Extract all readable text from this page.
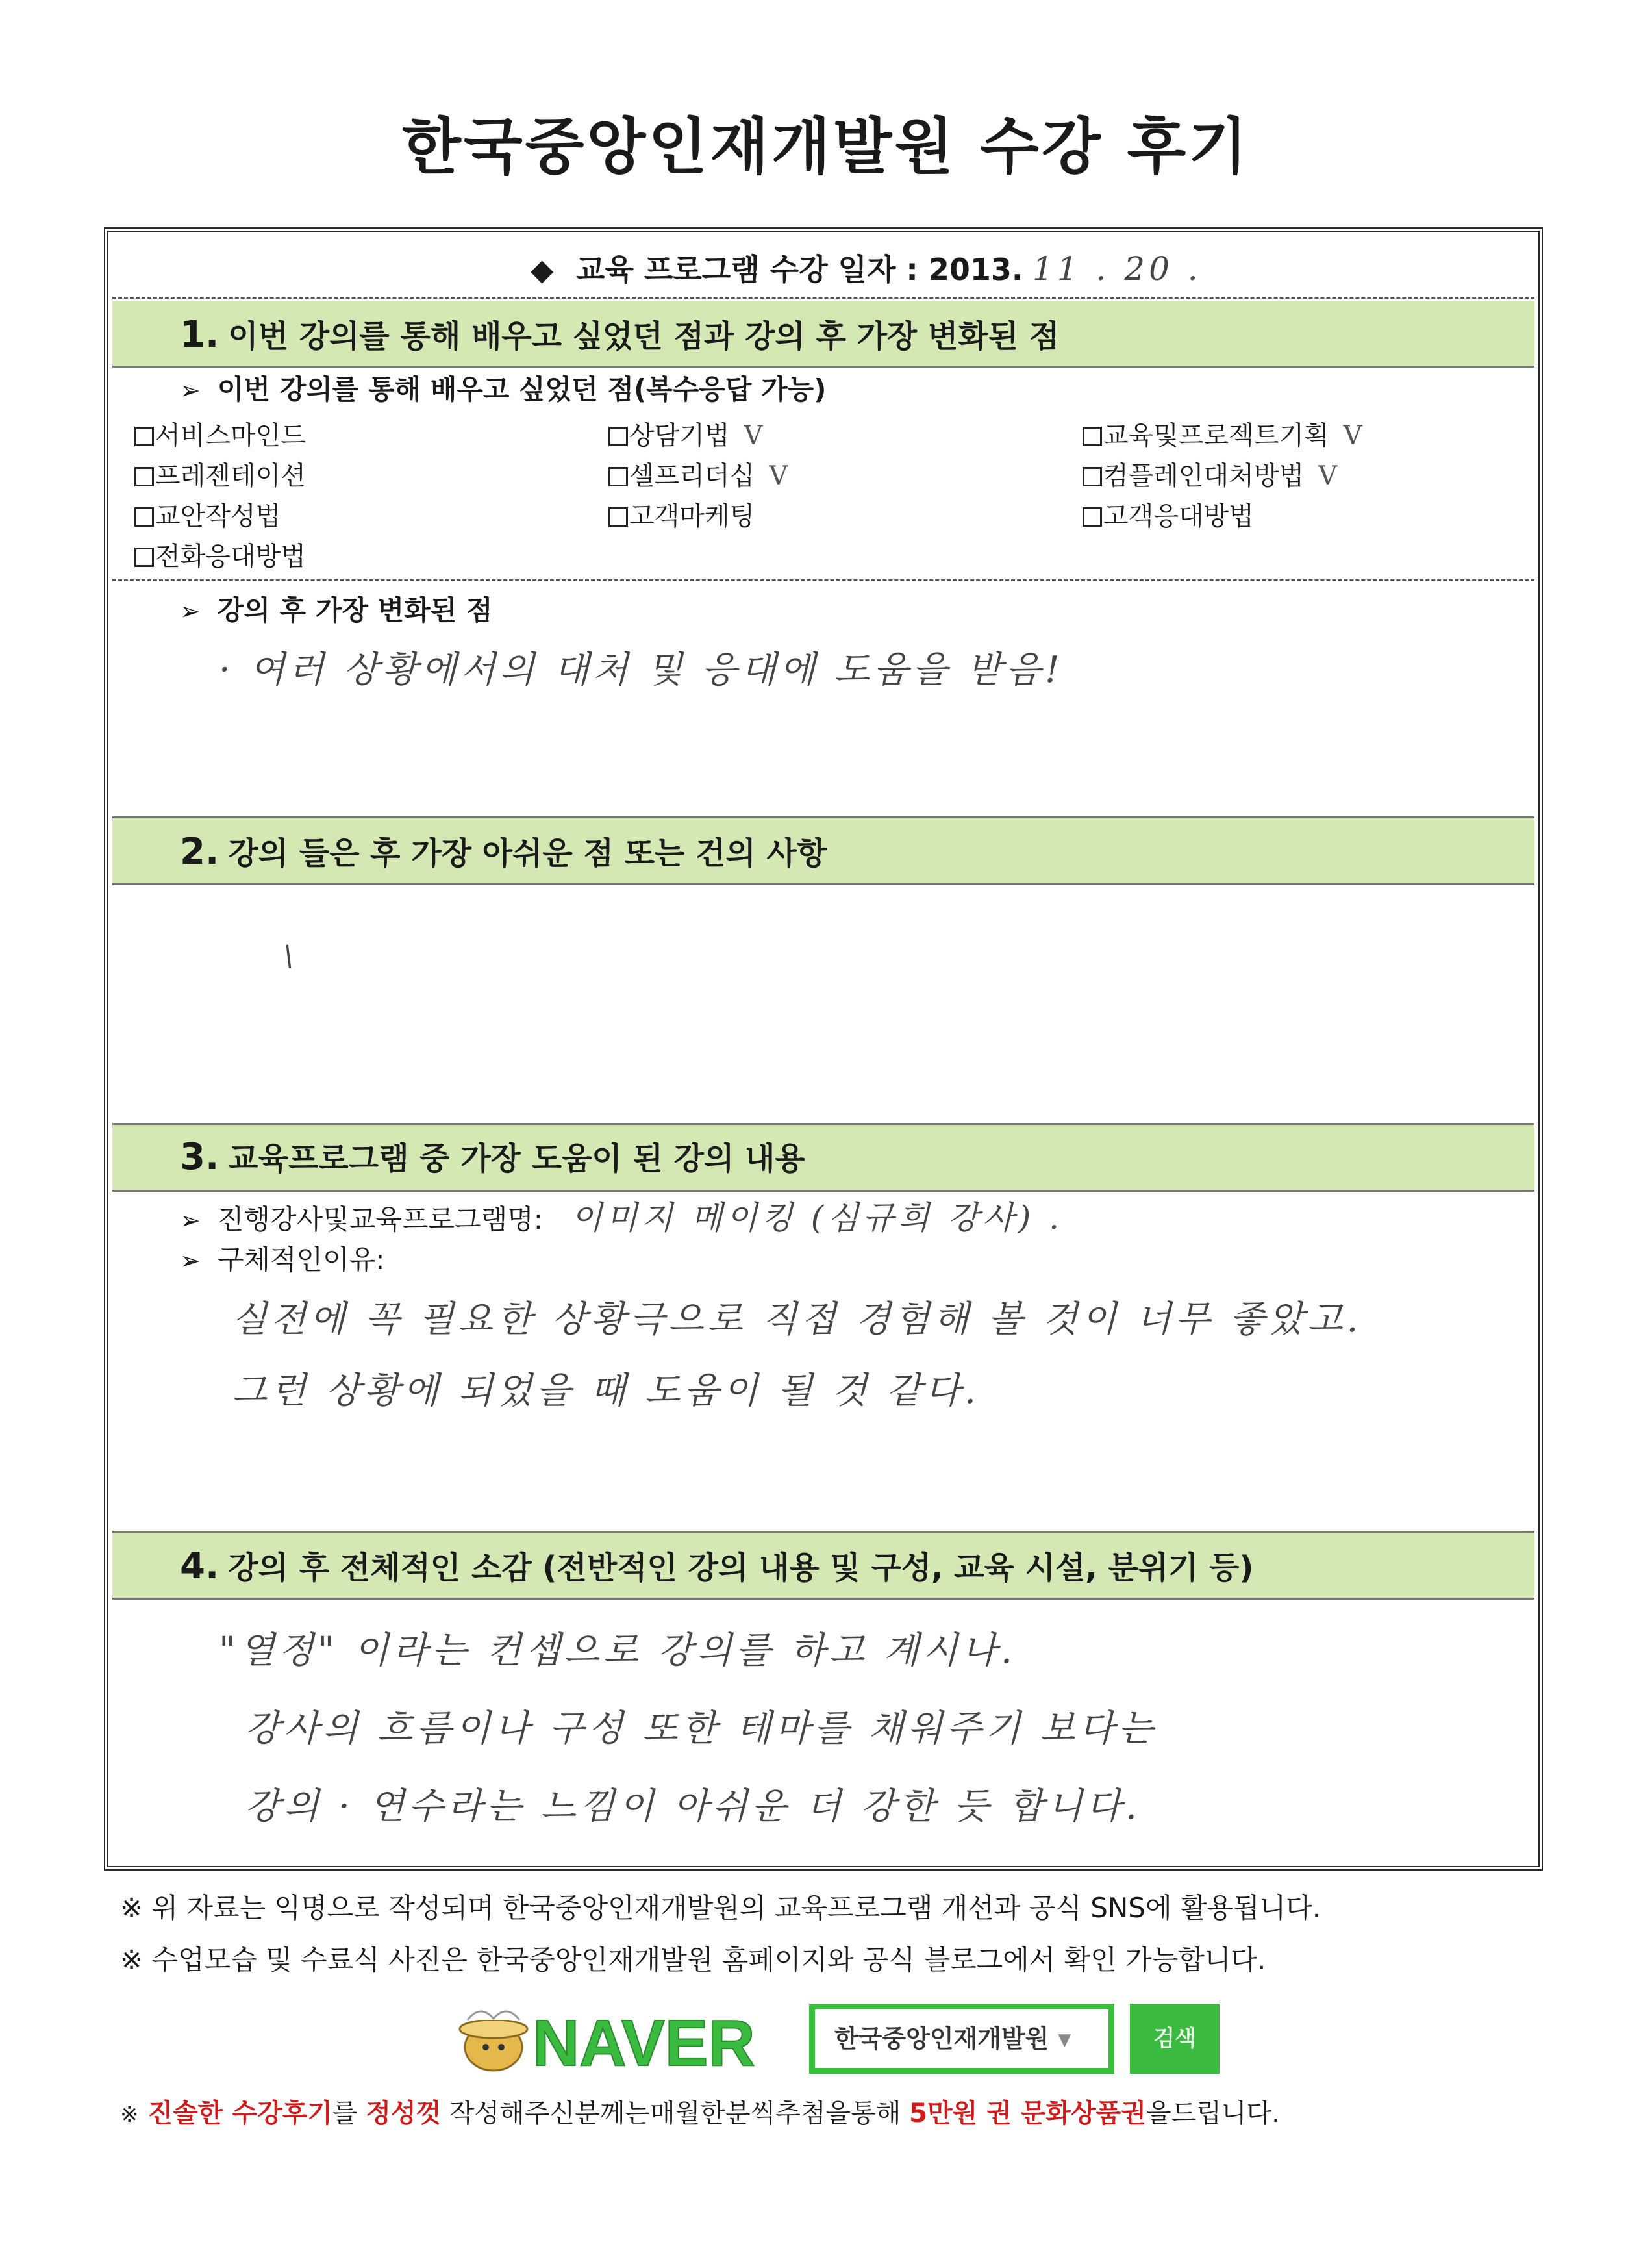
한국중앙인재개발원 수강 후기
◆ 교육 프로그램 수강 일자 : 2013. 11 . 20 .
1. 이번 강의를 통해 배우고 싶었던 점과 강의 후 가장 변화된 점
➢ 이번 강의를 통해 배우고 싶었던 점(복수응답 가능)
서비스마인드	상담기법 V	교육및프로젝트기획 V
프레젠테이션	셀프리더십 V	컴플레인대처방법 V
교안작성법	고객마케팅	고객응대방법
전화응대방법
➢ 강의 후 가장 변화된 점
· 여러 상황에서의 대처 및 응대에 도움을 받음!
2. 강의 들은 후 가장 아쉬운 점 또는 건의 사항
\
3. 교육프로그램 중 가장 도움이 된 강의 내용
➢ 진행강사및교육프로그램명: 이미지 메이킹 (심규희 강사) .
➢ 구체적인이유:
실전에 꼭 필요한 상황극으로 직접 경험해 볼 것이 너무 좋았고.
그런 상황에 되었을 때 도움이 될 것 같다.
4. 강의 후 전체적인 소감 (전반적인 강의 내용 및 구성, 교육 시설, 분위기 등)
"열정" 이라는 컨셉으로 강의를 하고 계시나.
강사의 흐름이나 구성 또한 테마를 채워주기 보다는
강의 · 연수라는 느낌이 아쉬운 더 강한 듯 합니다.
※ 위 자료는 익명으로 작성되며 한국중앙인재개발원의 교육프로그램 개선과 공식 SNS에 활용됩니다.
※ 수업모습 및 수료식 사진은 한국중앙인재개발원 홈페이지와 공식 블로그에서 확인 가능합니다.
NAVER	한국중앙인재개발원 ▼	검색
※ 진솔한 수강후기를 정성껏 작성해주신분께는매월한분씩추첨을통해 5만원 권 문화상품권을드립니다.
